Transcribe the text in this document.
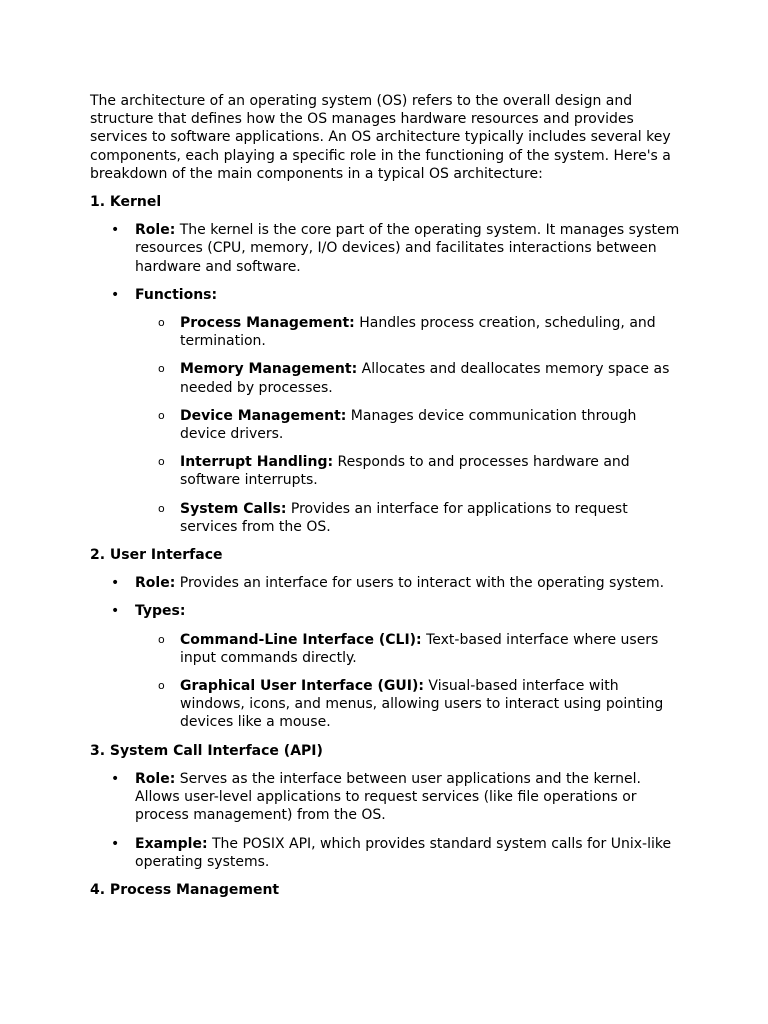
The architecture of an operating system (OS) refers to the overall design and structure that defines how the OS manages hardware resources and provides services to software applications. An OS architecture typically includes several key components, each playing a specific role in the functioning of the system. Here's a breakdown of the main components in a typical OS architecture:

1. Kernel
• Role: The kernel is the core part of the operating system. It manages system resources (CPU, memory, I/O devices) and facilitates interactions between hardware and software.
• Functions:
o Process Management: Handles process creation, scheduling, and termination.
o Memory Management: Allocates and deallocates memory space as needed by processes.
o Device Management: Manages device communication through device drivers.
o Interrupt Handling: Responds to and processes hardware and software interrupts.
o System Calls: Provides an interface for applications to request services from the OS.
2. User Interface
• Role: Provides an interface for users to interact with the operating system.
• Types:
o Command-Line Interface (CLI): Text-based interface where users input commands directly.
o Graphical User Interface (GUI): Visual-based interface with windows, icons, and menus, allowing users to interact using pointing devices like a mouse.
3. System Call Interface (API)
• Role: Serves as the interface between user applications and the kernel. Allows user-level applications to request services (like file operations or process management) from the OS.
• Example: The POSIX API, which provides standard system calls for Unix-like operating systems.
4. Process Management
